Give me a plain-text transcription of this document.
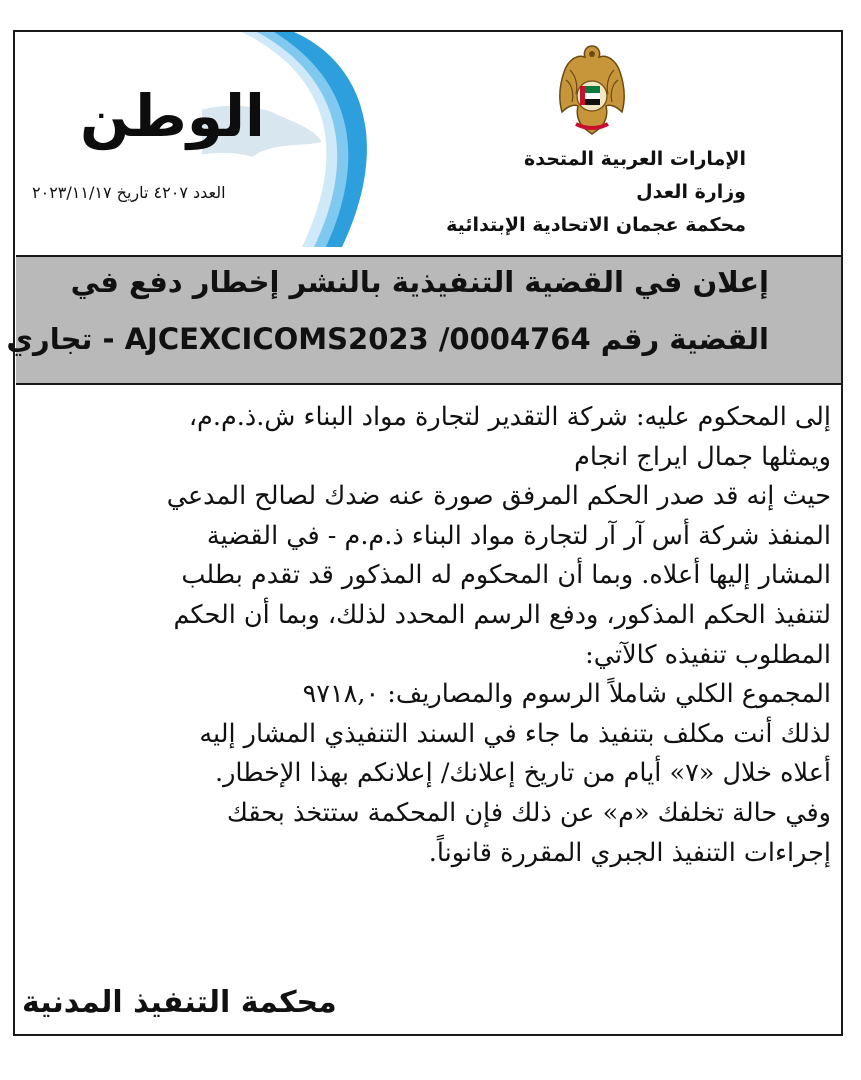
الإمارات العربية المتحدة
وزارة العدل
محكمة عجمان الاتحادية الإبتدائية
الوطن
العدد ٤٢٠٧ تاريخ ٢٠٢٣/١١/١٧
إعلان في القضية التنفيذية بالنشر إخطار دفع في
القضية رقم AJCEXCICOMS2023 /0004764 - تجاري
إلى المحكوم عليه: شركة التقدير لتجارة مواد البناء ش.ذ.م.م،
ويمثلها جمال ايراج انجام
حيث إنه قد صدر الحكم المرفق صورة عنه ضدك لصالح المدعي
المنفذ شركة أس آر آر لتجارة مواد البناء ذ.م.م - في القضية
المشار إليها أعلاه. وبما أن المحكوم له المذكور قد تقدم بطلب
لتنفيذ الحكم المذكور، ودفع الرسم المحدد لذلك، وبما أن الحكم
المطلوب تنفيذه كالآتي:
المجموع الكلي شاملاً الرسوم والمصاريف: ٩٧١٨,٠
لذلك أنت مكلف بتنفيذ ما جاء في السند التنفيذي المشار إليه
أعلاه خلال «٧» أيام من تاريخ إعلانك/ إعلانكم بهذا الإخطار.
وفي حالة تخلفك «م» عن ذلك فإن المحكمة ستتخذ بحقك
إجراءات التنفيذ الجبري المقررة قانوناً.
محكمة التنفيذ المدنية
